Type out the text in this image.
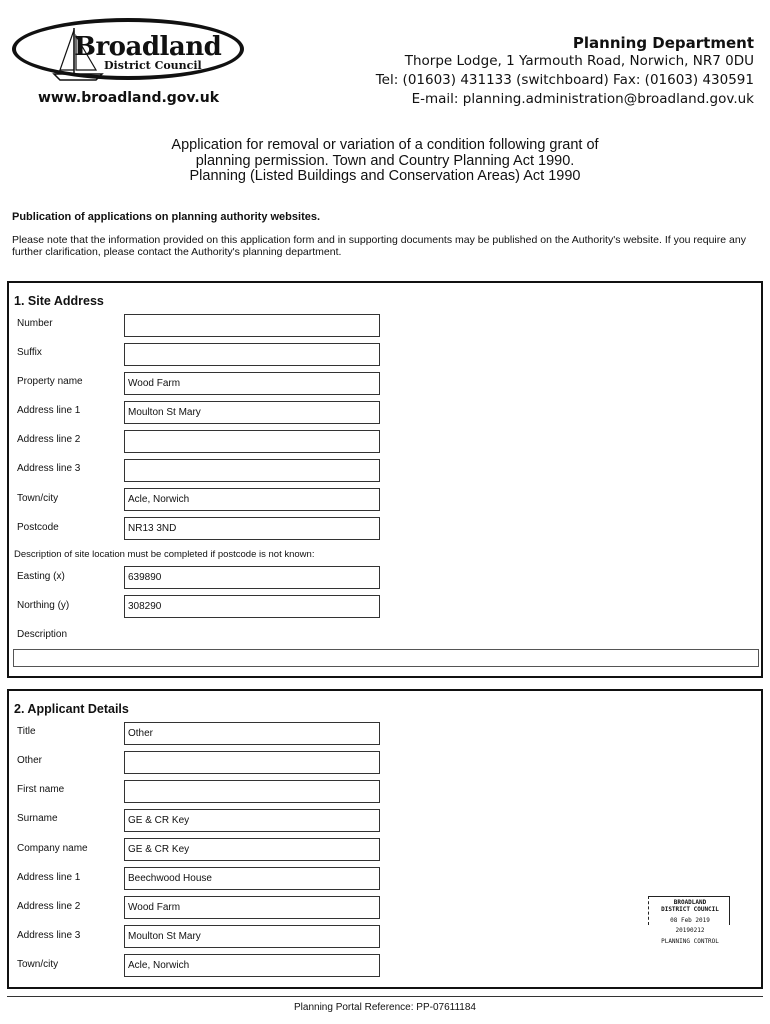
Broadland
District Council
www.broadland.gov.uk
Planning Department
Thorpe Lodge, 1 Yarmouth Road, Norwich, NR7 0DU
Tel: (01603) 431133 (switchboard) Fax: (01603) 430591
E-mail: planning.administration@broadland.gov.uk
Application for removal or variation of a condition following grant of
planning permission. Town and Country Planning Act 1990.
Planning (Listed Buildings and Conservation Areas) Act 1990
Publication of applications on planning authority websites.
Please note that the information provided on this application form and in supporting documents may be published on the Authority's website. If you require any further clarification, please contact the Authority's planning department.
1. Site Address
Number
Suffix
Property name	Wood Farm
Address line 1	Moulton St Mary
Address line 2
Address line 3
Town/city	Acle, Norwich
Postcode	NR13 3ND
Description of site location must be completed if postcode is not known:
Easting (x)	639890
Northing (y)	308290
Description
2. Applicant Details
Title	Other
Other
First name
Surname	GE & CR Key
Company name	GE & CR Key
Address line 1	Beechwood House
Address line 2	Wood Farm
Address line 3	Moulton St Mary
Town/city	Acle, Norwich
BROADLAND
DISTRICT COUNCIL
08 Feb 2019
20190212
PLANNING CONTROL
Planning Portal Reference: PP-07611184
